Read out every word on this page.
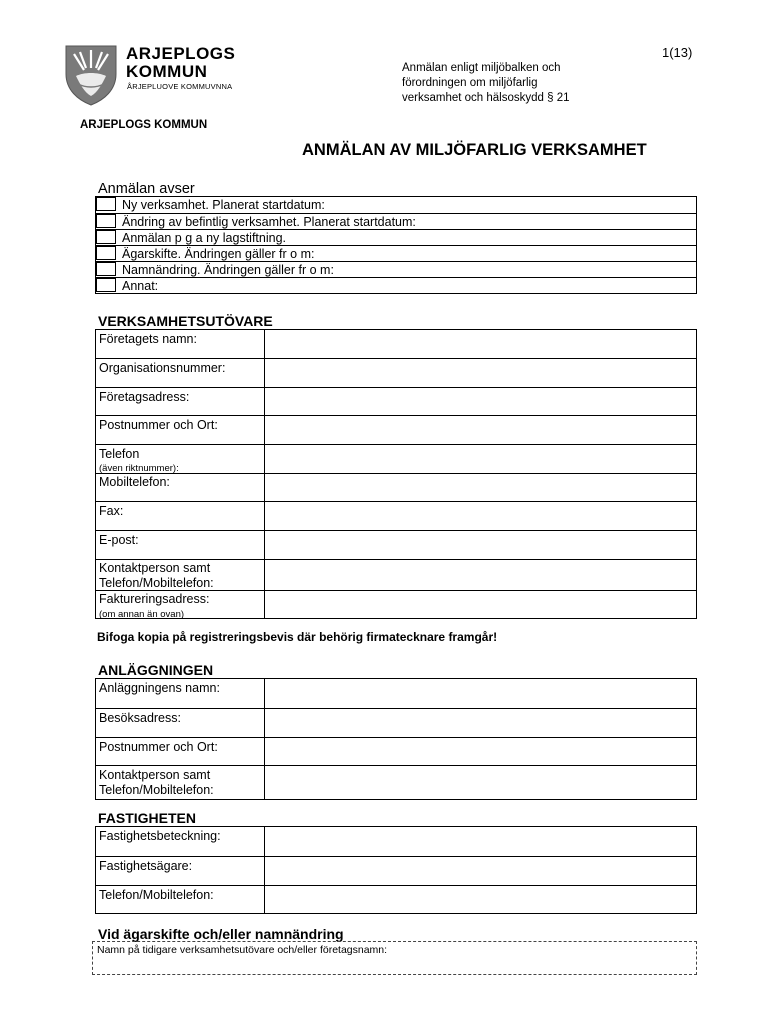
ARJEPLOGS
KOMMUN
ÅRJEPLUOVE KOMMUVNNA
1(13)
Anmälan enligt miljöbalken och
förordningen om miljöfarlig
verksamhet och hälsoskydd § 21
ARJEPLOGS KOMMUN
ANMÄLAN AV MILJÖFARLIG VERKSAMHET
Anmälan avser
Ny verksamhet. Planerat startdatum:
Ändring av befintlig verksamhet. Planerat startdatum:
Anmälan p g a ny lagstiftning.
Ägarskifte. Ändringen gäller fr o m:
Namnändring. Ändringen gäller fr o m:
Annat:
VERKSAMHETSUTÖVARE
Företagets namn:
Organisationsnummer:
Företagsadress:
Postnummer och Ort:
Telefon
(även riktnummer):
Mobiltelefon:
Fax:
E-post:
Kontaktperson samt
Telefon/Mobiltelefon:
Faktureringsadress:
(om annan än ovan)
Bifoga kopia på registreringsbevis där behörig firmatecknare framgår!
ANLÄGGNINGEN
Anläggningens namn:
Besöksadress:
Postnummer och Ort:
Kontaktperson samt
Telefon/Mobiltelefon:
FASTIGHETEN
Fastighetsbeteckning:
Fastighetsägare:
Telefon/Mobiltelefon:
Vid ägarskifte och/eller namnändring
Namn på tidigare verksamhetsutövare och/eller företagsnamn:
